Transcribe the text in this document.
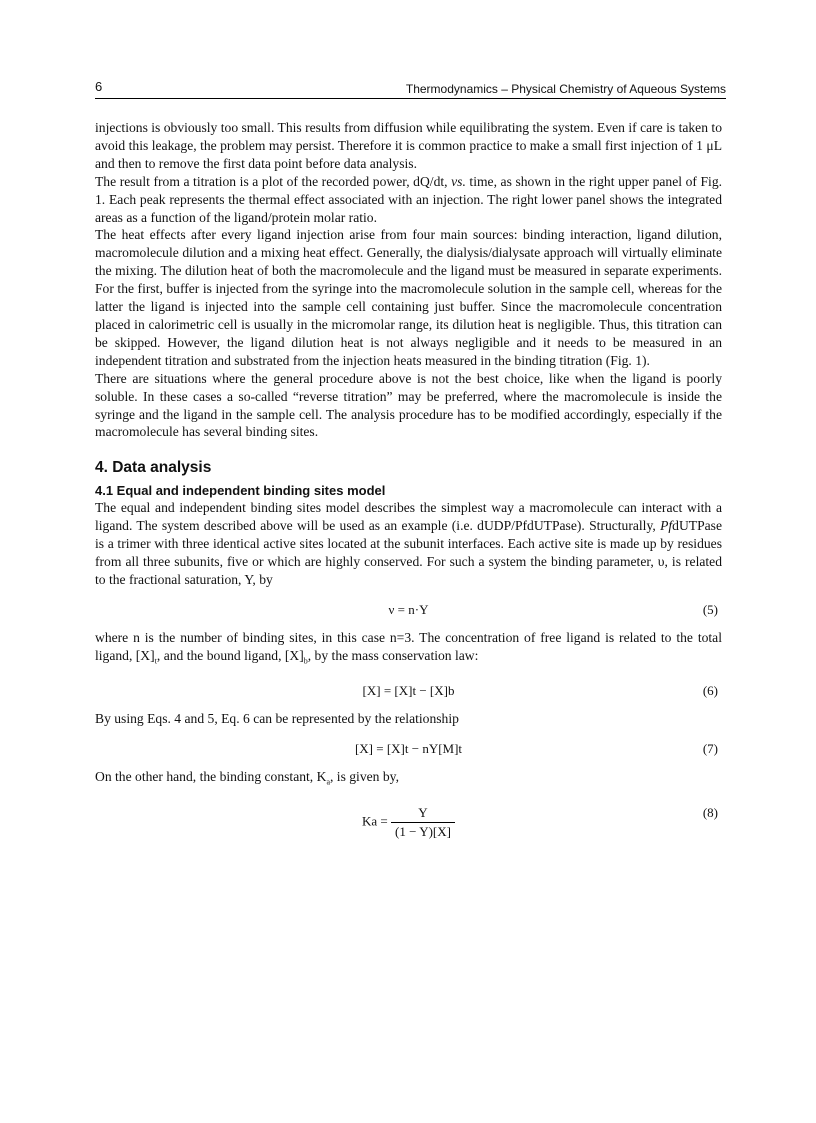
6	Thermodynamics – Physical Chemistry of Aqueous Systems

injections is obviously too small. This results from diffusion while equilibrating the system. Even if care is taken to avoid this leakage, the problem may persist. Therefore it is common practice to make a small first injection of 1 μL and then to remove the first data point before data analysis.

The result from a titration is a plot of the recorded power, dQ/dt, vs. time, as shown in the right upper panel of Fig. 1. Each peak represents the thermal effect associated with an injection. The right lower panel shows the integrated areas as a function of the ligand/protein molar ratio.

The heat effects after every ligand injection arise from four main sources: binding interaction, ligand dilution, macromolecule dilution and a mixing heat effect. Generally, the dialysis/dialysate approach will virtually eliminate the mixing. The dilution heat of both the macromolecule and the ligand must be measured in separate experiments. For the first, buffer is injected from the syringe into the macromolecule solution in the sample cell, whereas for the latter the ligand is injected into the sample cell containing just buffer. Since the macromolecule concentration placed in calorimetric cell is usually in the micromolar range, its dilution heat is negligible. Thus, this titration can be skipped. However, the ligand dilution heat is not always negligible and it needs to be measured in an independent titration and substrated from the injection heats measured in the binding titration (Fig. 1).

There are situations where the general procedure above is not the best choice, like when the ligand is poorly soluble. In these cases a so-called “reverse titration” may be preferred, where the macromolecule is inside the syringe and the ligand in the sample cell. The analysis procedure has to be modified accordingly, especially if the macromolecule has several binding sites.

4. Data analysis
4.1 Equal and independent binding sites model

The equal and independent binding sites model describes the simplest way a macromolecule can interact with a ligand. The system described above will be used as an example (i.e. dUDP/PfdUTPase). Structurally, PfdUTPase is a trimer with three identical active sites located at the subunit interfaces. Each active site is made up by residues from all three subunits, five or which are highly conserved. For such a system the binding parameter, υ, is related to the fractional saturation, Y, by

ν = n·Y	(5)

where n is the number of binding sites, in this case n=3. The concentration of free ligand is related to the total ligand, $[X]_t$, and the bound ligand, $[X]_b$, by the mass conservation law:

[X] = [X]t − [X]b	(6)

By using Eqs. 4 and 5, Eq. 6 can be represented by the relationship

[X] = [X]t − nY[M]t	(7)

On the other hand, the binding constant, $K_a$, is given by,

$Ka = \frac{Y}{(1 - Y)[X]}$	(8)
